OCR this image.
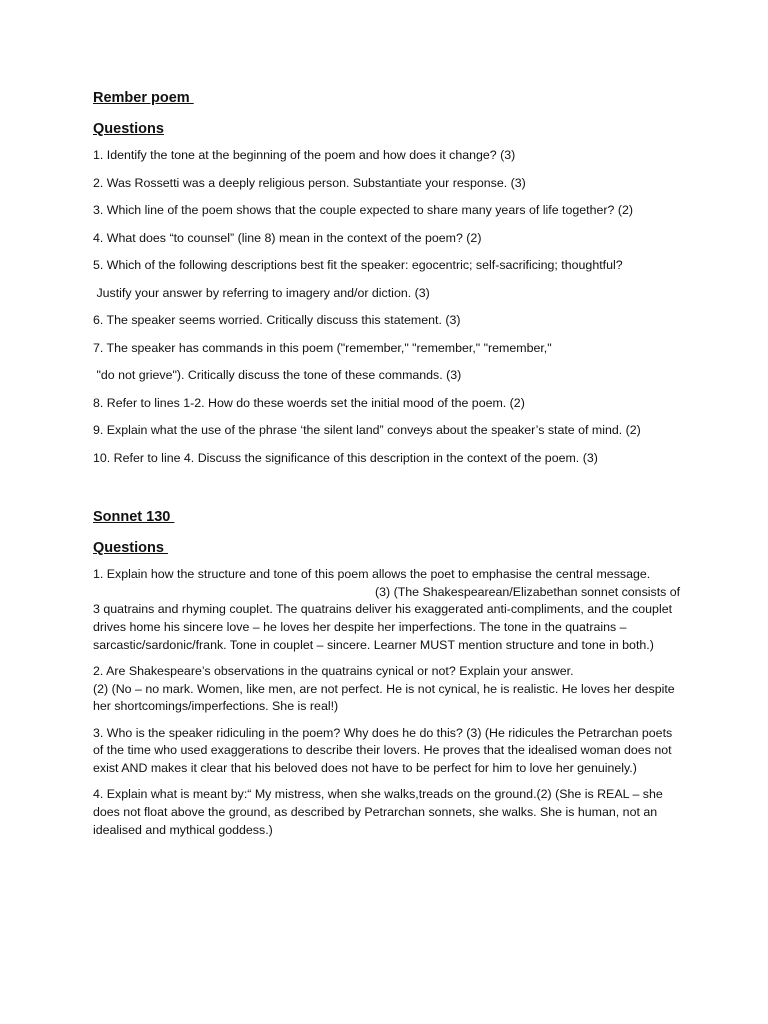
Rember poem

Questions

1. Identify the tone at the beginning of the poem and how does it change? (3)

2. Was Rossetti was a deeply religious person. Substantiate your response. (3)

3. Which line of the poem shows that the couple expected to share many years of life together? (2)

4. What does “to counsel” (line 8) mean in the context of the poem? (2)

5. Which of the following descriptions best fit the speaker: egocentric; self-sacrificing; thoughtful?

Justify your answer by referring to imagery and/or diction. (3)

6. The speaker seems worried. Critically discuss this statement. (3)

7. The speaker has commands in this poem ("remember," "remember," "remember,"

"do not grieve"). Critically discuss the tone of these commands. (3)

8. Refer to lines 1-2. How do these woerds set the initial mood of the poem. (2)

9. Explain what the use of the phrase ‘the silent land” conveys about the speaker’s state of mind. (2)

10. Refer to line 4. Discuss the significance of this description in the context of the poem. (3)

Sonnet 130

Questions

1. Explain how the structure and tone of this poem allows the poet to emphasise the central message.(3) (The Shakespearean/Elizabethan sonnet consists of 3 quatrains and rhyming couplet. The quatrains deliver his exaggerated anti-compliments, and the couplet drives home his sincere love – he loves her despite her imperfections. The tone in the quatrains – sarcastic/sardonic/frank. Tone in couplet – sincere. Learner MUST mention structure and tone in both.)

2. Are Shakespeare’s observations in the quatrains cynical or not? Explain your answer.
(2) (No – no mark. Women, like men, are not perfect. He is not cynical, he is realistic. He loves her despite her shortcomings/imperfections. She is real!)

3. Who is the speaker ridiculing in the poem? Why does he do this? (3) (He ridicules the Petrarchan poets of the time who used exaggerations to describe their lovers. He proves that the idealised woman does not exist AND makes it clear that his beloved does not have to be perfect for him to love her genuinely.)

4. Explain what is meant by:“ My mistress, when she walks,treads on the ground.(2) (She is REAL – she does not float above the ground, as described by Petrarchan sonnets, she walks. She is human, not an idealised and mythical goddess.)
